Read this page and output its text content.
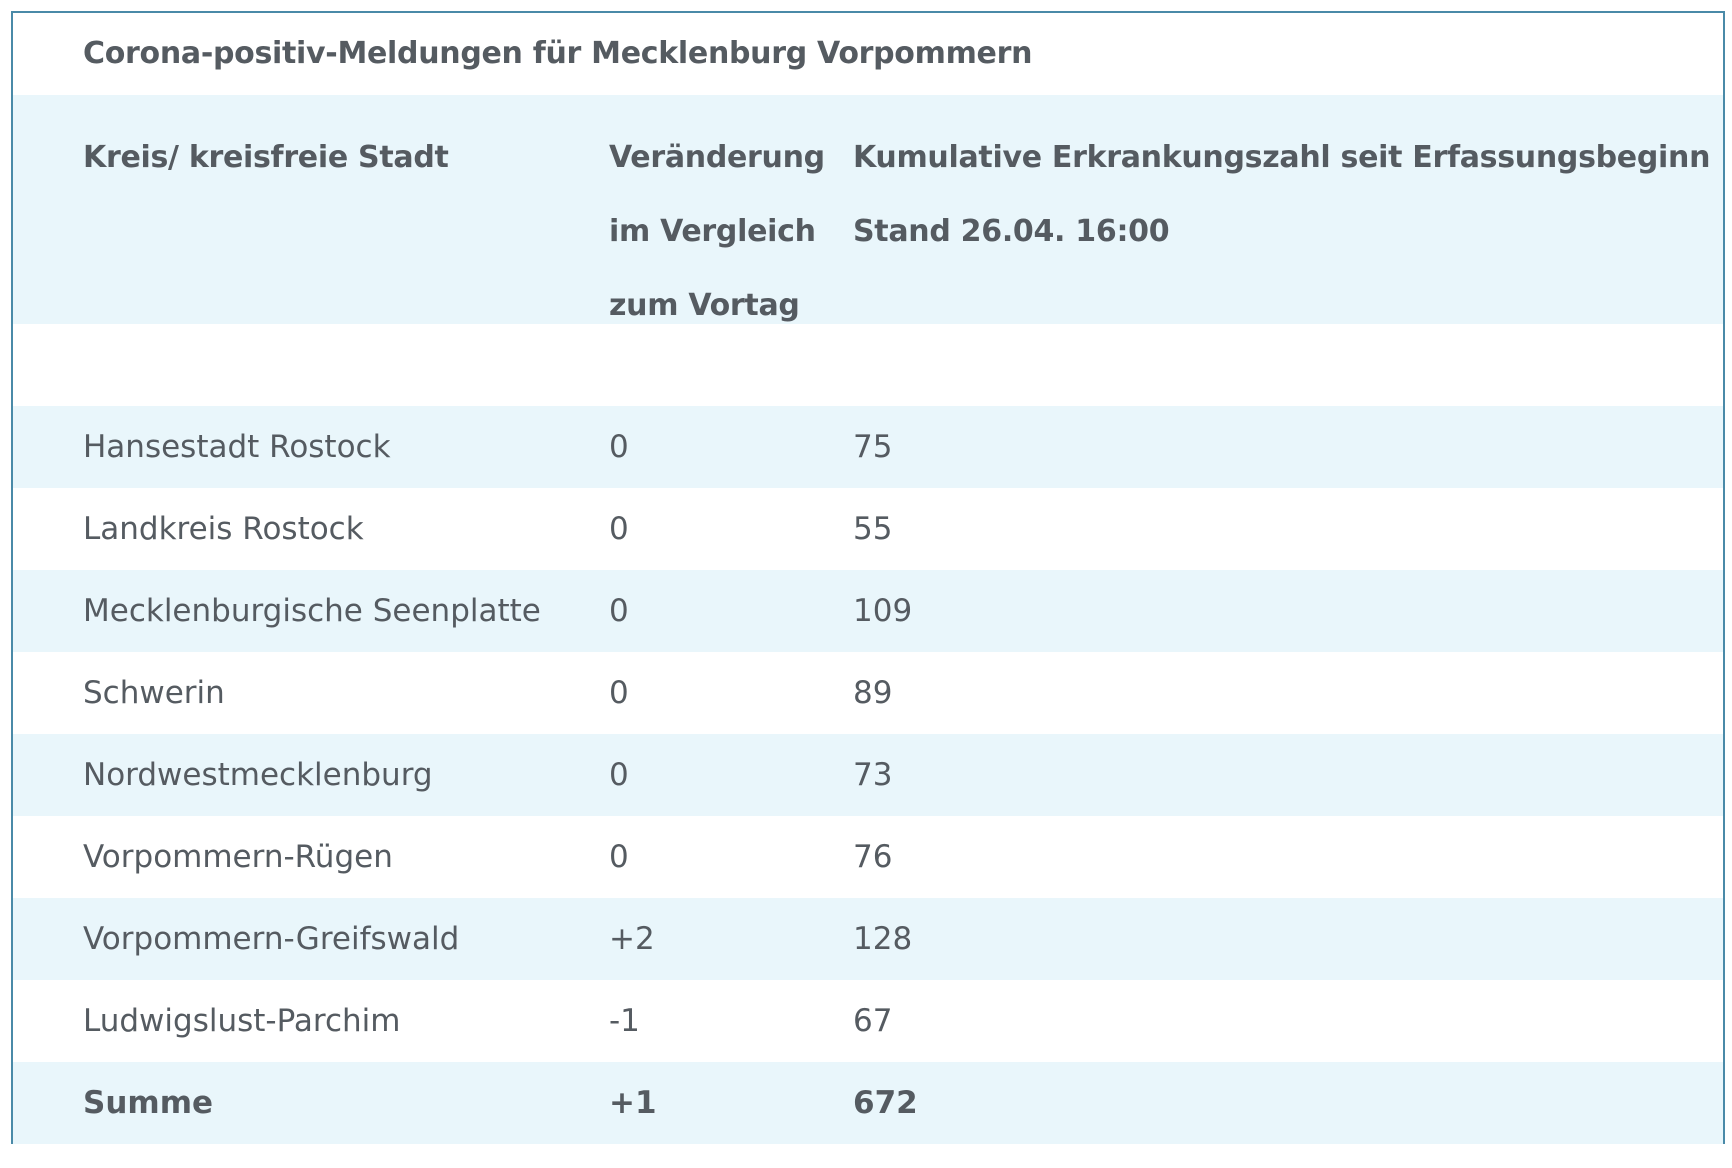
Corona-positiv-Meldungen für Mecklenburg Vorpommern
Kreis/ kreisfreie Stadt	Veränderung
im Vergleich
zum Vortag
Kumulative Erkrankungszahl seit Erfassungsbeginn
Stand 26.04. 16:00
Hansestadt Rostock	0	75
Landkreis Rostock	0	55
Mecklenburgische Seenplatte 0	109
Schwerin	0	89
Nordwestmecklenburg	0	73
Vorpommern-Rügen	0	76
Vorpommern-Greifswald	+2	128
Ludwigslust-Parchim	-1	67
Summe	+1	672
